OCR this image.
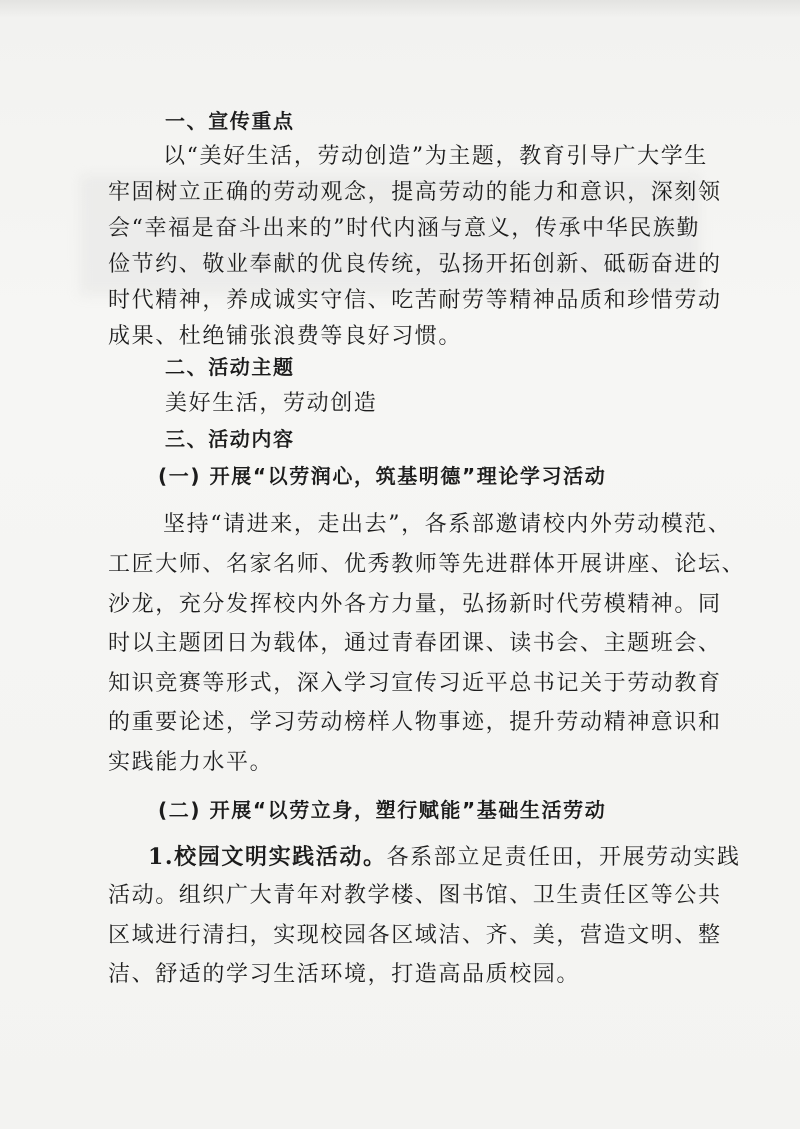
一、宣传重点
以“美好生活，劳动创造”为主题，教育引导广大学生
牢固树立正确的劳动观念，提高劳动的能力和意识，深刻领
会“幸福是奋斗出来的”时代内涵与意义，传承中华民族勤
俭节约、敬业奉献的优良传统，弘扬开拓创新、砥砺奋进的
时代精神，养成诚实守信、吃苦耐劳等精神品质和珍惜劳动
成果、杜绝铺张浪费等良好习惯。
二、活动主题
美好生活，劳动创造
三、活动内容
(一) 开展“以劳润心，筑基明德”理论学习活动
坚持“请进来，走出去”，各系部邀请校内外劳动模范、
工匠大师、名家名师、优秀教师等先进群体开展讲座、论坛、
沙龙，充分发挥校内外各方力量，弘扬新时代劳模精神。同
时以主题团日为载体，通过青春团课、读书会、主题班会、
知识竞赛等形式，深入学习宣传习近平总书记关于劳动教育
的重要论述，学习劳动榜样人物事迹，提升劳动精神意识和
实践能力水平。
(二) 开展“以劳立身，塑行赋能”基础生活劳动
1.校园文明实践活动。各系部立足责任田，开展劳动实践
活动。组织广大青年对教学楼、图书馆、卫生责任区等公共
区域进行清扫，实现校园各区域洁、齐、美，营造文明、整
洁、舒适的学习生活环境，打造高品质校园。
